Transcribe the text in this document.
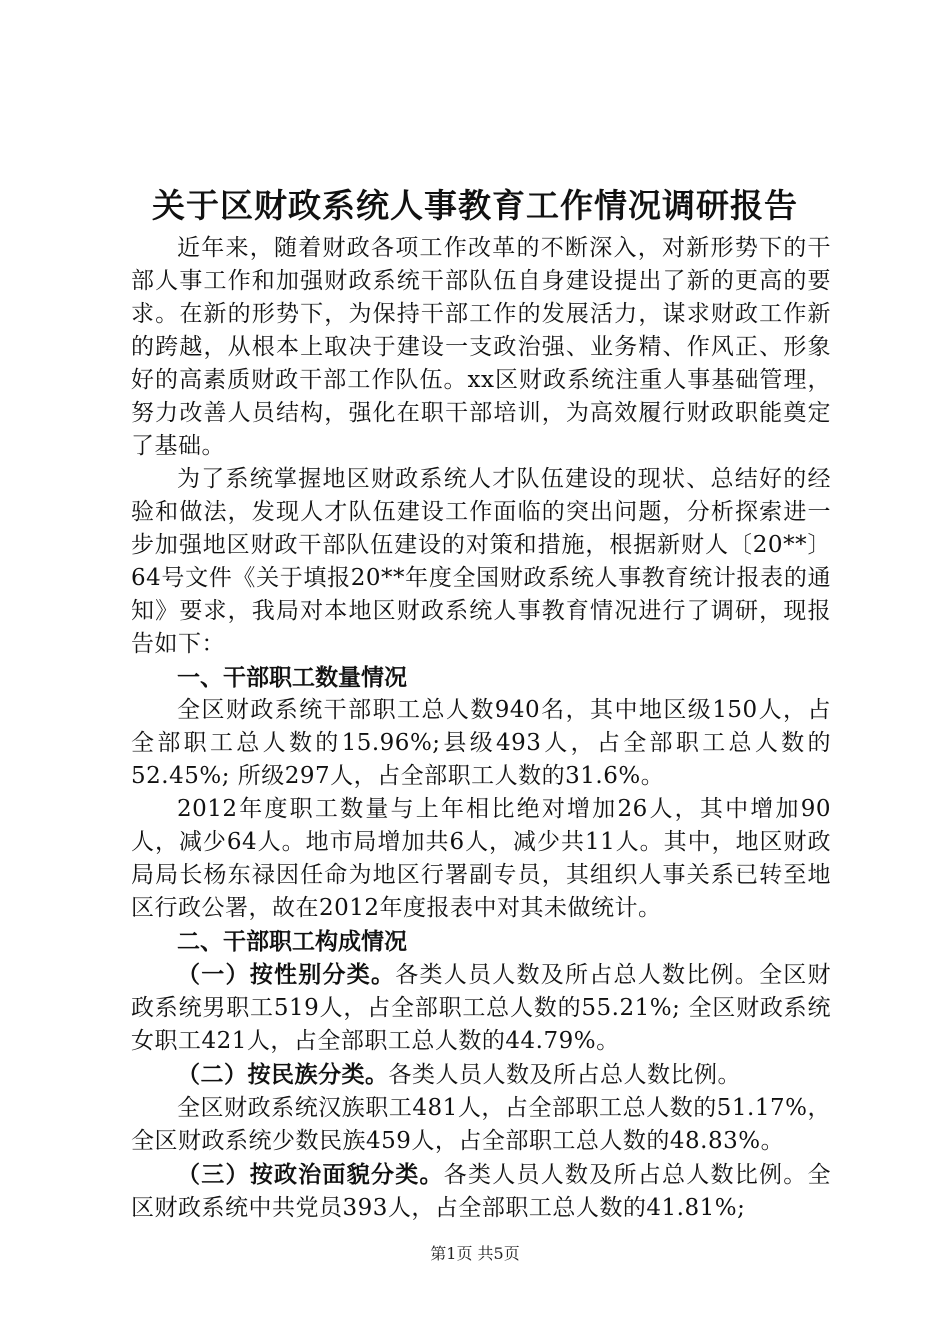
关于区财政系统人事教育工作情况调研报告

近年来，随着财政各项工作改革的不断深入，对新形势下的干部人事工作和加强财政系统干部队伍自身建设提出了新的更高的要求。在新的形势下，为保持干部工作的发展活力，谋求财政工作新的跨越，从根本上取决于建设一支政治强、业务精、作风正、形象好的高素质财政干部工作队伍。xx区财政系统注重人事基础管理，努力改善人员结构，强化在职干部培训，为高效履行财政职能奠定了基础。

为了系统掌握地区财政系统人才队伍建设的现状、总结好的经验和做法，发现人才队伍建设工作面临的突出问题，分析探索进一步加强地区财政干部队伍建设的对策和措施，根据新财人〔20**〕64号文件《关于填报20**年度全国财政系统人事教育统计报表的通知》要求，我局对本地区财政系统人事教育情况进行了调研，现报告如下：

一、干部职工数量情况

全区财政系统干部职工总人数940名，其中地区级150人，占全部职工总人数的15.96%;县级493人，占全部职工总人数的52.45%; 所级297人，占全部职工人数的31.6%。

2012年度职工数量与上年相比绝对增加26人，其中增加90人，减少64人。地市局增加共6人，减少共11人。其中，地区财政局局长杨东禄因任命为地区行署副专员，其组织人事关系已转至地区行政公署，故在2012年度报表中对其未做统计。

二、干部职工构成情况

（一）按性别分类。各类人员人数及所占总人数比例。全区财政系统男职工519人，占全部职工总人数的55.21%; 全区财政系统女职工421人，占全部职工总人数的44.79%。

（二）按民族分类。各类人员人数及所占总人数比例。

全区财政系统汉族职工481人，占全部职工总人数的51.17%，全区财政系统少数民族459人，占全部职工总人数的48.83%。

（三）按政治面貌分类。各类人员人数及所占总人数比例。全区财政系统中共党员393人，占全部职工总人数的41.81%;

第1页 共5页
